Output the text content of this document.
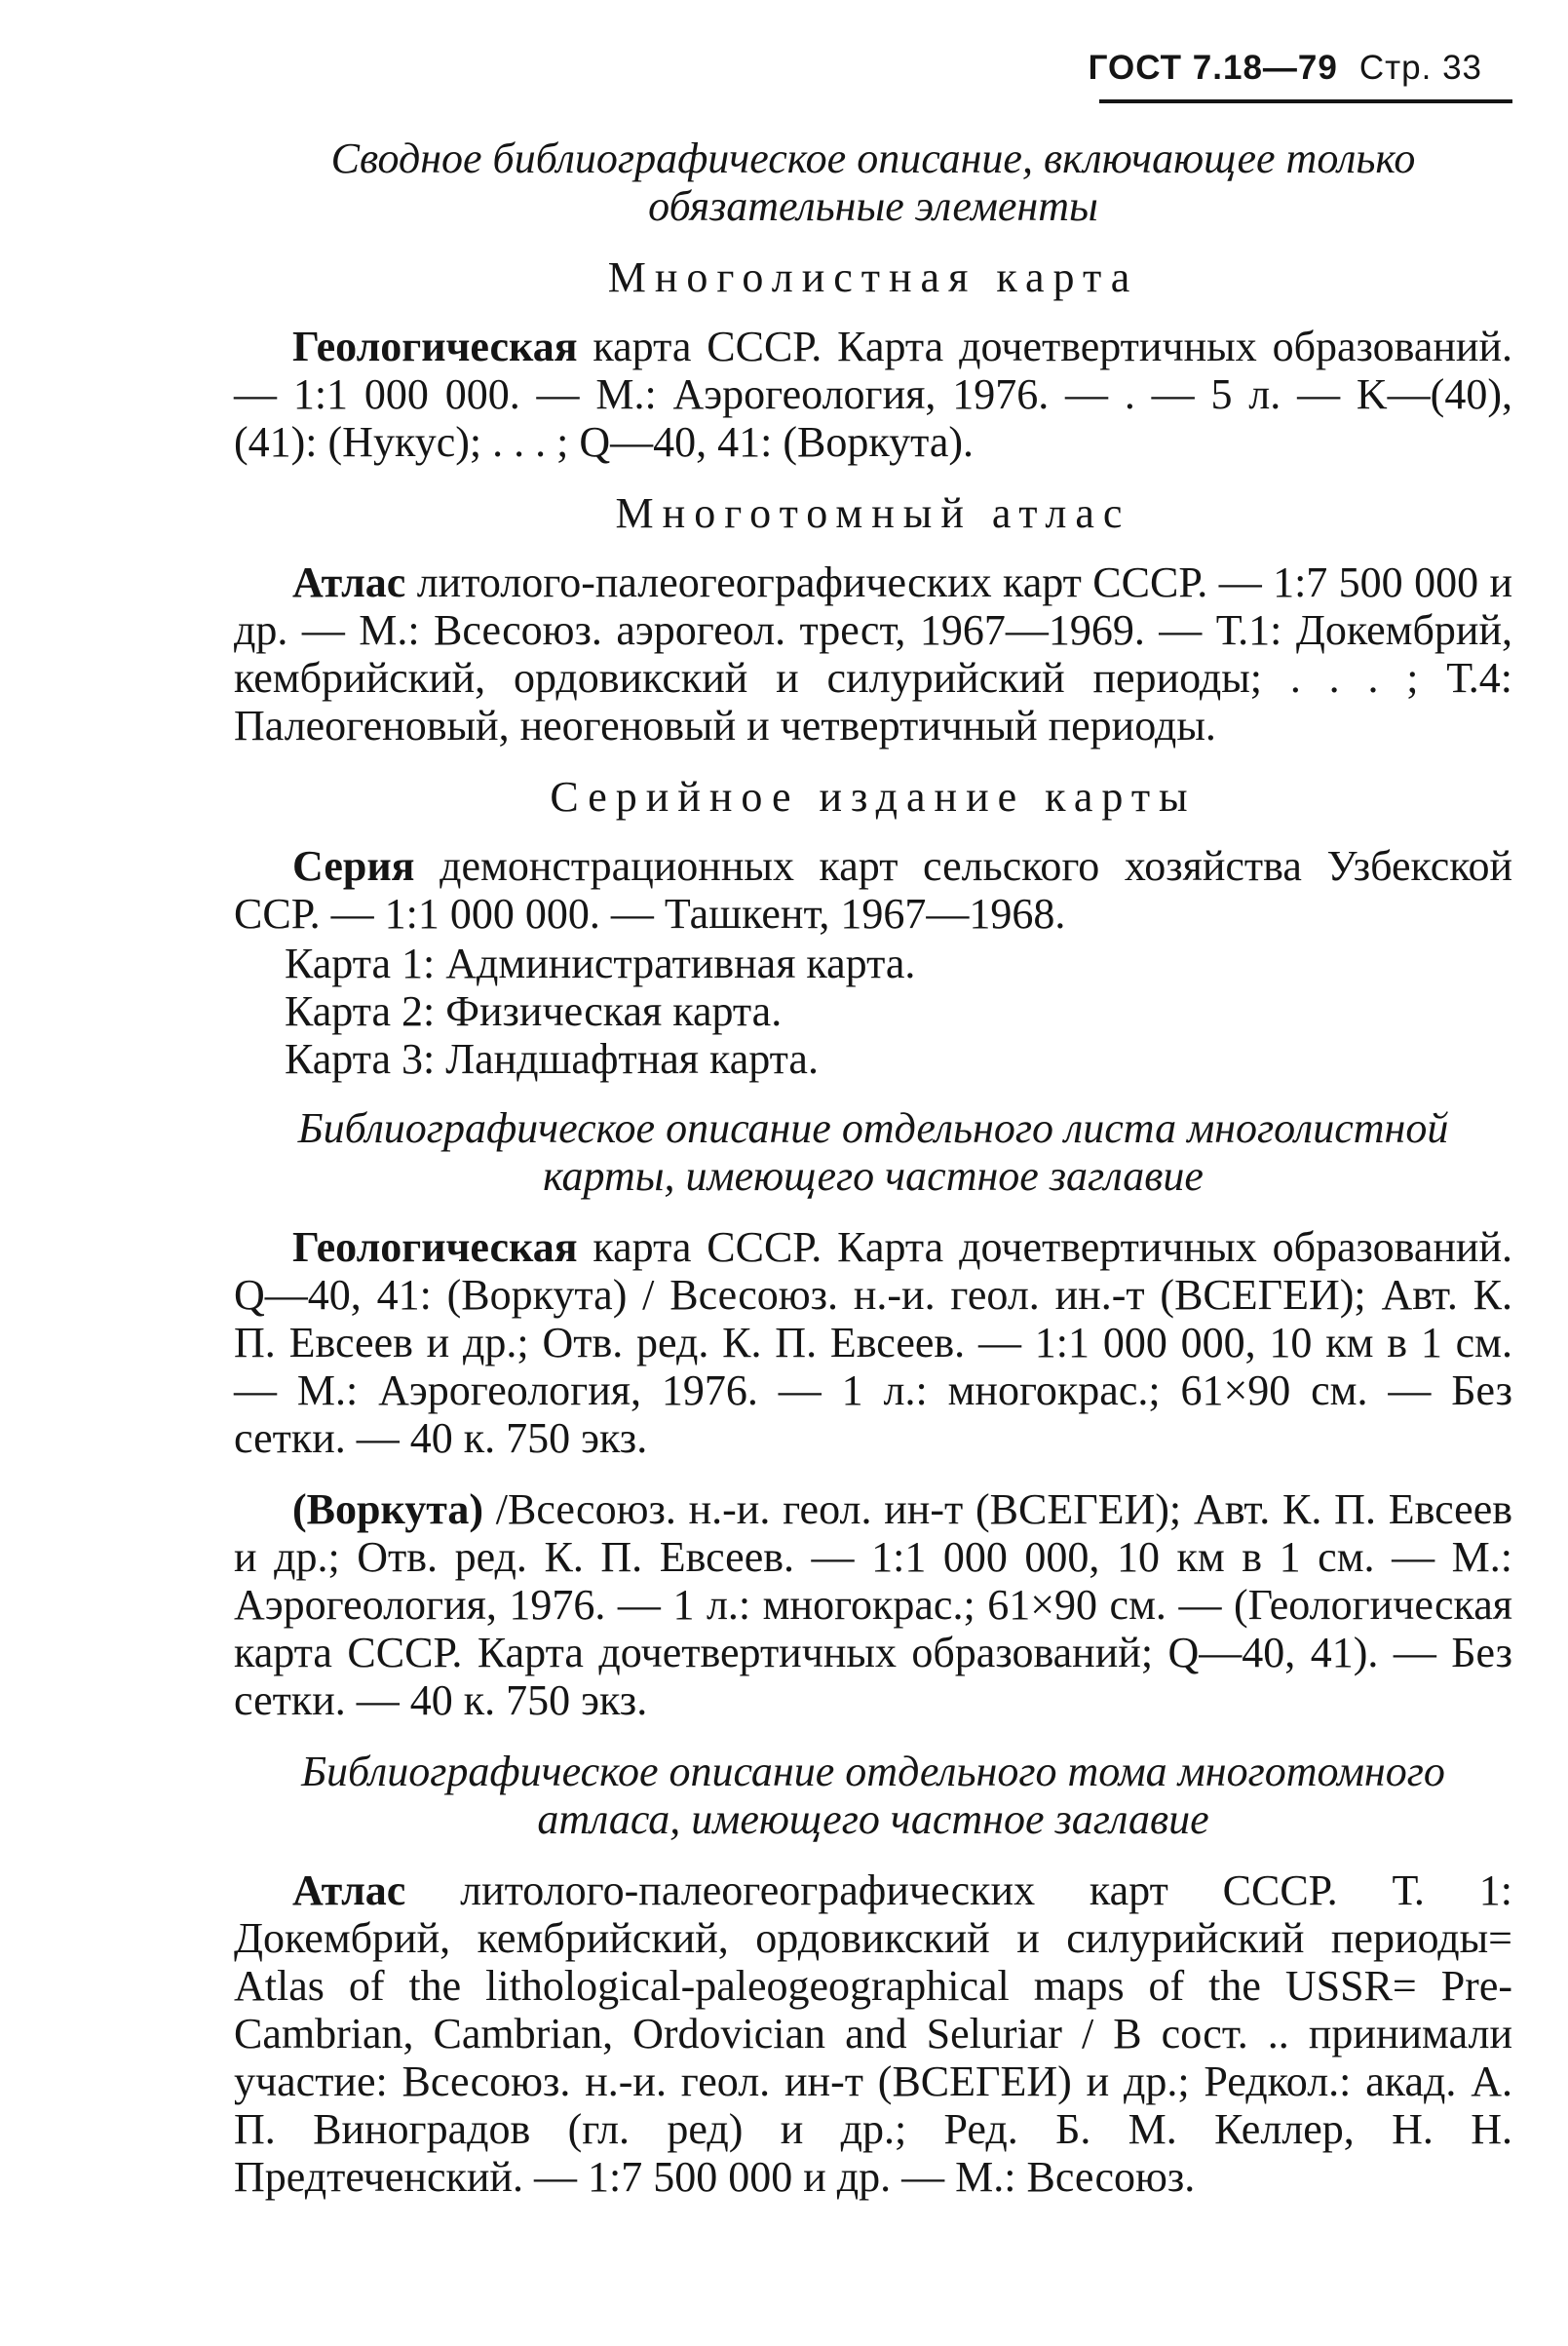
ГОСТ 7.18—79 Стр. 33
Сводное библиографическое описание, включающее только обязательные элементы
Многолистная карта

Геологическая карта СССР. Карта дочетвертичных образований. — 1:1 000 000. — М.: Аэрогеология, 1976. — . — 5 л. — K—(40), (41): (Нукус); . . . ; Q—40, 41: (Воркута).

Многотомный атлас

Атлас литолого-палеогеографических карт СССР. — 1:7 500 000 и др. — М.: Всесоюз. аэрогеол. трест, 1967—1969. — Т.1: Докембрий, кембрийский, ордовикский и силурийский периоды; . . . ; Т.4: Палеогеновый, неогеновый и четвертичный периоды.

Серийное издание карты

Серия демонстрационных карт сельского хозяйства Узбекской ССР. — 1:1 000 000. — Ташкент, 1967—1968.

Карта 1: Административная карта.
Карта 2: Физическая карта.
Карта 3: Ландшафтная карта.
Библиографическое описание отдельного листа многолистной карты, имеющего частное заглавие

Геологическая карта СССР. Карта дочетвертичных образований. Q—40, 41: (Воркута) / Всесоюз. н.-и. геол. ин.-т (ВСЕГЕИ); Авт. К. П. Евсеев и др.; Отв. ред. К. П. Евсеев. — 1:1 000 000, 10 км в 1 см. — М.: Аэрогеология, 1976. — 1 л.: многокрас.; 61×90 см. — Без сетки. — 40 к. 750 экз.

(Воркута) /Всесоюз. н.-и. геол. ин-т (ВСЕГЕИ); Авт. К. П. Евсеев и др.; Отв. ред. К. П. Евсеев. — 1:1 000 000, 10 км в 1 см. — М.: Аэрогеология, 1976. — 1 л.: многокрас.; 61×90 см. — (Геологическая карта СССР. Карта дочетвертичных образований; Q—40, 41). — Без сетки. — 40 к. 750 экз.

Библиографическое описание отдельного тома многотомного атласа, имеющего частное заглавие

Атлас литолого-палеогеографических карт СССР. Т. 1: Докембрий, кембрийский, ордовикский и силурийский периоды= Atlas of the lithological-paleogeographical maps of the USSR= Pre-Cambrian, Cambrian, Ordovician and Seluriar / В сост. .. принимали участие: Всесоюз. н.-и. геол. ин-т (ВСЕГЕИ) и др.; Редкол.: акад. А. П. Виноградов (гл. ред) и др.; Ред. Б. М. Келлер, Н. Н. Предтеченский. — 1:7 500 000 и др. — М.: Всесоюз.
